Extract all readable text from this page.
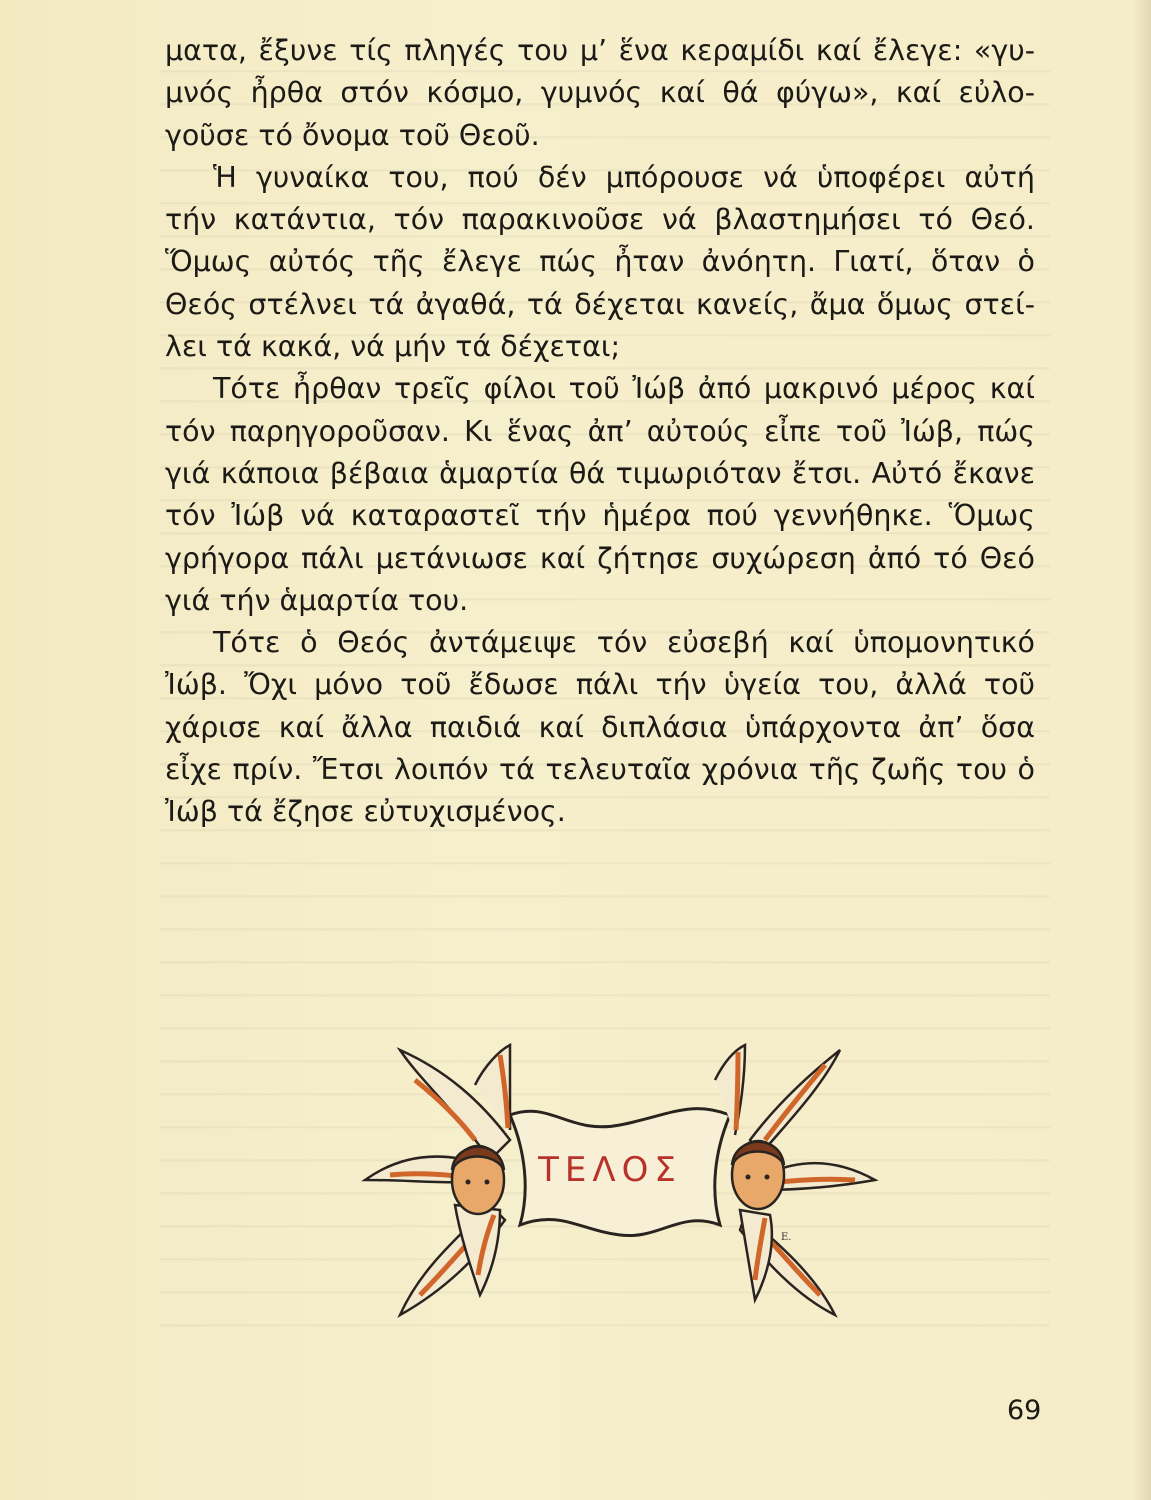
ματα, ἔξυνε τίς πληγές του μ’ ἕνα κεραμίδι καί ἔλεγε: «γυ-
μνός ἦρθα στόν κόσμο, γυμνός καί θά φύγω», καί εὐλο-
γοῦσε τό ὄνομα τοῦ Θεοῦ.
Ἡ γυναίκα του, πού δέν μπόρουσε νά ὑποφέρει αὐτή
τήν κατάντια, τόν παρακινοῦσε νά βλαστημήσει τό Θεό.
Ὅμως αὐτός τῆς ἔλεγε πώς ἦταν ἀνόητη. Γιατί, ὅταν ὁ
Θεός στέλνει τά ἀγαθά, τά δέχεται κανείς, ἄμα ὅμως στεί-
λει τά κακά, νά μήν τά δέχεται;
Τότε ἦρθαν τρεῖς φίλοι τοῦ Ἰώβ ἀπό μακρινό μέρος καί
τόν παρηγοροῦσαν. Κι ἕνας ἀπ’ αὐτούς εἶπε τοῦ Ἰώβ, πώς
γιά κάποια βέβαια ἁμαρτία θά τιμωριόταν ἔτσι. Αὐτό ἔκανε
τόν Ἰώβ νά καταραστεῖ τήν ἡμέρα πού γεννήθηκε. Ὅμως
γρήγορα πάλι μετάνιωσε καί ζήτησε συχώρεση ἀπό τό Θεό
γιά τήν ἁμαρτία του.
Τότε ὁ Θεός ἀντάμειψε τόν εὐσεβή καί ὑπομονητικό
Ἰώβ. Ὄχι μόνο τοῦ ἔδωσε πάλι τήν ὑγεία του, ἀλλά τοῦ
χάρισε καί ἄλλα παιδιά καί διπλάσια ὑπάρχοντα ἀπ’ ὅσα
εἶχε πρίν. Ἔτσι λοιπόν τά τελευταῖα χρόνια τῆς ζωῆς του ὁ
Ἰώβ τά ἔζησε εὐτυχισμένος.
ΤΕΛΟΣ
Ε.
69
